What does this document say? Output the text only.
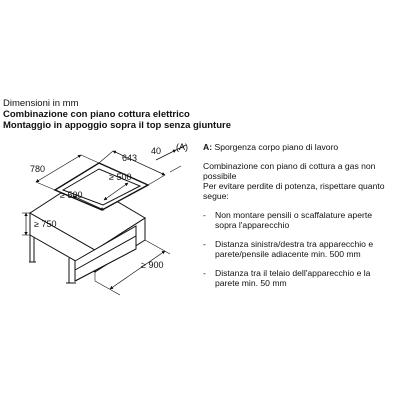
Dimensioni in mm
Combinazione con piano cottura elettrico
Montaggio in appoggio sopra il top senza giunture
643
780
40 (A)
≥ 500
≥ 500
≥ 750
≥ 900

A: Sporgenza corpo piano di lavoro

Combinazione con piano di cottura a gas non possibile
Per evitare perdite di potenza, rispettare quanto segue:

- Non montare pensili o scaffalature aperte sopra l'apparecchio
- Distanza sinistra/destra tra apparecchio e parete/pensile adiacente min. 500 mm
- Distanza tra il telaio dell'apparecchio e la parete min. 50 mm
